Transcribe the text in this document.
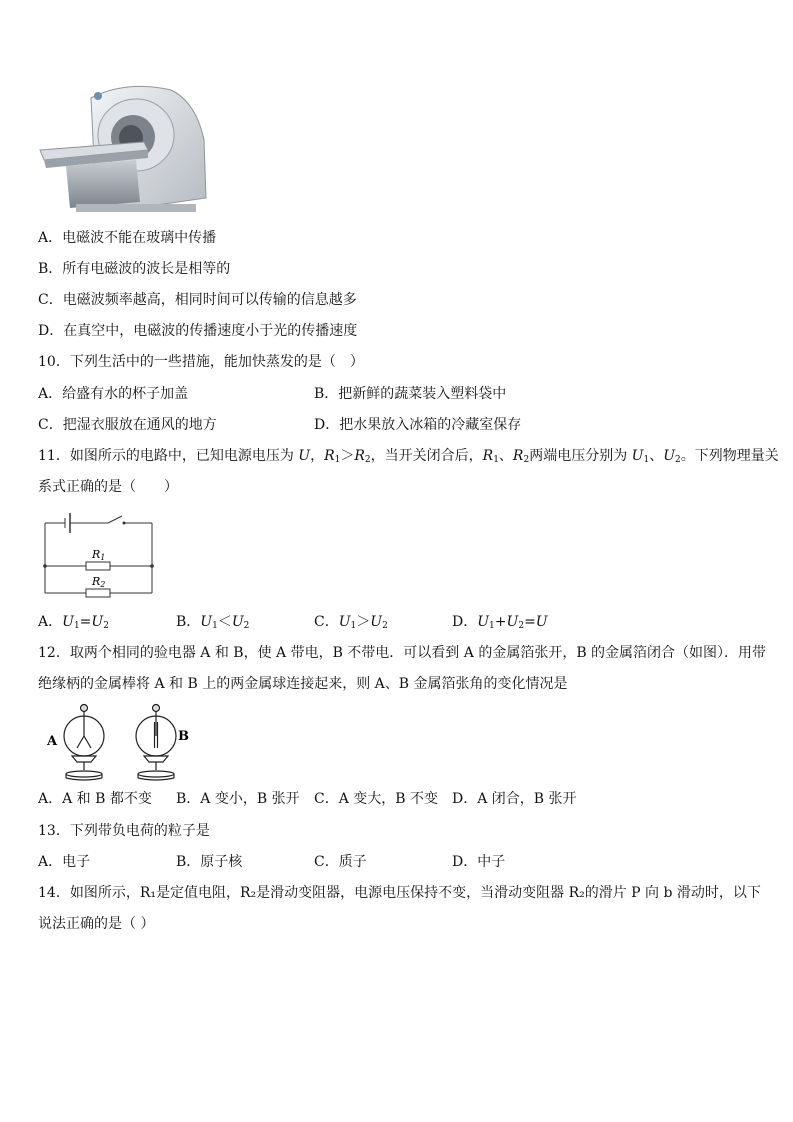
A．电磁波不能在玻璃中传播
B．所有电磁波的波长是相等的
C．电磁波频率越高，相同时间可以传输的信息越多
D．在真空中，电磁波的传播速度小于光的传播速度
10．下列生活中的一些措施，能加快蒸发的是（　）
A．给盛有水的杯子加盖	B．把新鲜的蔬菜装入塑料袋中
C．把湿衣服放在通风的地方	D．把水果放入冰箱的冷藏室保存
11．如图所示的电路中，已知电源电压为 U，$R_1>R_2$，当开关闭合后，$R_1$、$R_2$两端电压分别为 $U_1$、$U_2$。下列物理量关
系式正确的是（　　）
R1
R2
A．$U_1=U_2$	B．$U_1<U_2$	C．$U_1>U_2$	D．$U_1+U_2=U$
12．取两个相同的验电器 A 和 B，使 A 带电，B 不带电．可以看到 A 的金属箔张开，B 的金属箔闭合（如图）．用带
绝缘柄的金属棒将 A 和 B 上的两金属球连接起来，则 A、B 金属箔张角的变化情况是
A	B
A．A 和 B 都不变 B．A 变小，B 张开 C．A 变大，B 不变 D．A 闭合，B 张开
13．下列带负电荷的粒子是
A．电子	B．原子核	C．质子	D．中子
14．如图所示，R₁是定值电阻，R₂是滑动变阻器，电源电压保持不变，当滑动变阻器 R₂的滑片 P 向 b 滑动时，以下
说法正确的是（ ）
